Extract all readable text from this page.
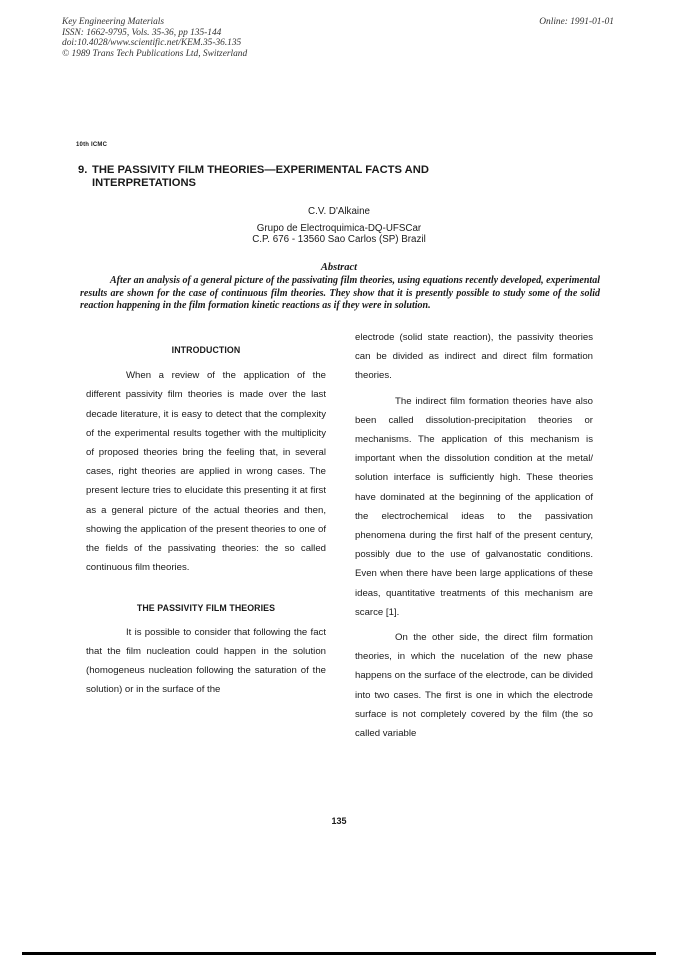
Key Engineering Materials
ISSN: 1662-9795, Vols. 35-36, pp 135-144
doi:10.4028/www.scientific.net/KEM.35-36.135
© 1989 Trans Tech Publications Ltd, Switzerland
Online: 1991-01-01
10th ICMC
9. THE PASSIVITY FILM THEORIES—EXPERIMENTAL FACTS AND
INTERPRETATIONS
C.V. D'Alkaine
Grupo de Electroquimica-DQ-UFSCar
C.P. 676 - 13560 Sao Carlos (SP) Brazil
Abstract
After an analysis of a general picture of the passivating film theories, using equations recently developed, experimental results are shown for the case of continuous film theories. They show that it is presently possible to study some of the solid reaction happening in the film formation kinetic reactions as if they were in solution.
INTRODUCTION

When a review of the application of the different passivity film theories is made over the last decade literature, it is easy to detect that the complexity of the experimental results together with the multiplicity of proposed theories bring the feeling that, in several cases, right theories are applied in wrong cases. The present lecture tries to elucidate this presenting it at first as a general picture of the actual theories and then, showing the application of the present theories to one of the fields of the passivating theories: the so called continuous film theories.

THE PASSIVITY FILM THEORIES

It is possible to consider that following the fact that the film nucleation could happen in the solution (homogeneus nucleation following the saturation of the solution) or in the surface of the

electrode (solid state reaction), the passivity theories can be divided as indirect and direct film formation theories.

The indirect film formation theories have also been called dissolution-precipitation theories or mechanisms. The application of this mechanism is important when the dissolution condition at the metal/ solution interface is sufficiently high. These theories have dominated at the beginning of the application of the electrochemical ideas to the passivation phenomena during the first half of the present century, possibly due to the use of galvanostatic conditions. Even when there have been large applications of these ideas, quantitative treatments of this mechanism are scarce [1].

On the other side, the direct film formation theories, in which the nucelation of the new phase happens on the surface of the electrode, can be divided into two cases. The first is one in which the electrode surface is not completely covered by the film (the so called variable

135
